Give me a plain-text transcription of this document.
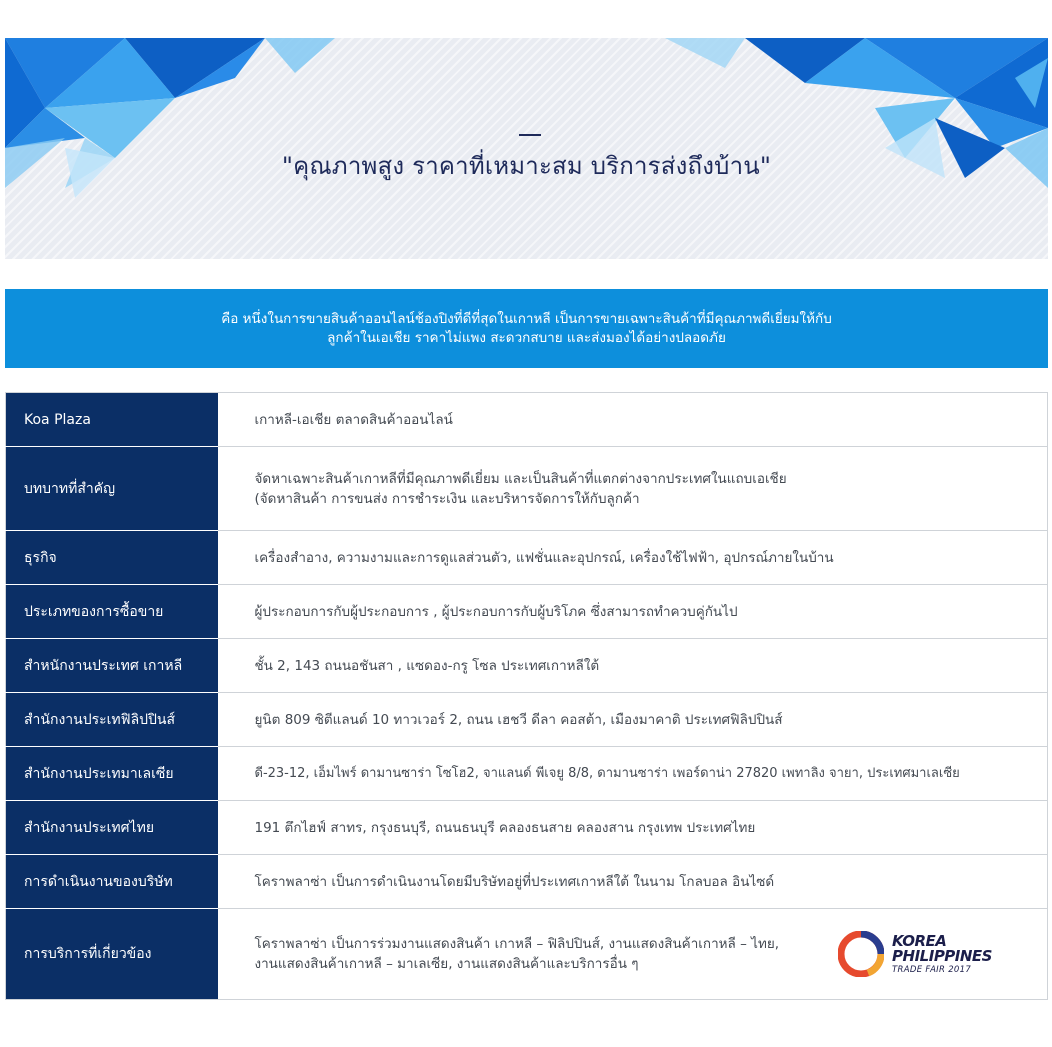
"คุณภาพสูง ราคาที่เหมาะสม บริการส่งถึงบ้าน"
คือ หนึ่งในการขายสินค้าออนไลน์ช้องปิงที่ดีที่สุดในเกาหลี เป็นการขายเฉพาะสินค้าที่มีคุณภาพดีเยี่ยมให้กับ
ลูกค้าในเอเชีย ราคาไม่แพง สะดวกสบาย และส่งมองได้อย่างปลอดภัย
Koa Plaza	เกาหลี-เอเชีย ตลาดสินค้าออนไลน์

บทบาทที่สำคัญ	จัดหาเฉพาะสินค้าเกาหลีที่มีคุณภาพดีเยี่ยม และเป็นสินค้าที่แตกต่างจากประเทศในแถบเอเชีย
(จัดหาสินค้า การขนส่ง การชำระเงิน และบริหารจัดการให้กับลูกค้า

ธุรกิจ	เครื่องสำอาง, ความงามและการดูแลส่วนตัว, แฟชั่นและอุปกรณ์, เครื่องใช้ไฟฟ้า, อุปกรณ์ภายในบ้าน

ประเภทของการซื้อขาย	ผู้ประกอบการกับผู้ประกอบการ , ผู้ประกอบการกับผู้บริโภค ซึ่งสามารถทำควบคู่กันไป

สำหนักงานประเทศ เกาหลี	ชั้น 2, 143 ถนนอชันสา , แซดอง-กรู โซล ประเทศเกาหลีใต้

สำนักงานประเทฟิลิปปินส์	ยูนิต 809 ซิตีแลนด์ 10 ทาวเวอร์ 2, ถนน เฮชวี ดีลา คอสต้า, เมืองมาคาติ ประเทศฟิลิปปินส์

สำนักงานประเทมาเลเซีย	ดี-23-12, เอ็มไพร์ ดามานซาร่า โซโฮ2, จาแลนด์ พีเจยู 8/8, ดามานซาร่า เพอร์ดาน่า 27820 เพทาลิง จายา, ประเทศมาเลเซีย

สำนักงานประเทศไทย	191 ตึกไฮฟ์ สาทร, กรุงธนบุรี, ถนนธนบุรี คลองธนสาย คลองสาน กรุงเทพ ประเทศไทย

การดำเนินงานของบริษัท	โคราพลาซ่า เป็นการดำเนินงานโดยมีบริษัทอยู่ที่ประเทศเกาหลีใต้ ในนาม โกลบอล อินไซด์

การบริการที่เกี่ยวข้อง	โคราพลาซ่า เป็นการร่วมงานแสดงสินค้า เกาหลี – ฟิลิปปินส์, งานแสดงสินค้าเกาหลี – ไทย,
งานแสดงสินค้าเกาหลี – มาเลเซีย, งานแสดงสินค้าและบริการอื่น ๆ
KOREA
PHILIPPINES
TRADE FAIR 2017
